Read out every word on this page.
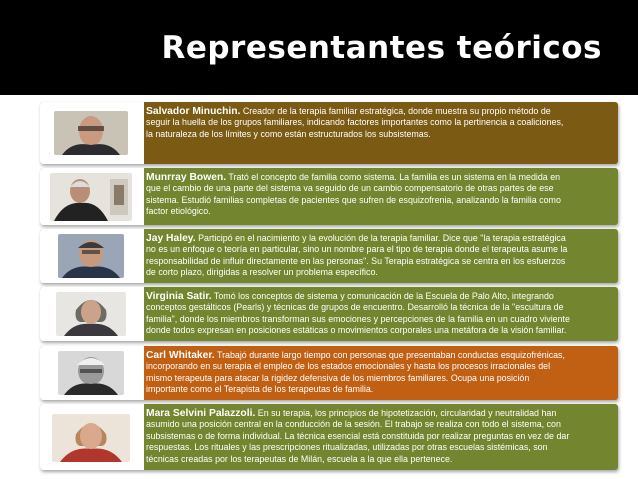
Representantes teóricos
Salvador Minuchin. Creador de la terapia familiar estratégica, donde muestra su propio método de
seguir la huella de los grupos familiares, indicando factores importantes como la pertinencia a coaliciones,
la naturaleza de los límites y como están estructurados los subsistemas.
Munrray Bowen. Trató el concepto de familia como sistema. La familia es un sistema en la medida en
que el cambio de una parte del sistema va seguido de un cambio compensatorio de otras partes de ese
sistema. Estudió familias completas de pacientes que sufren de esquizofrenia, analizando la familia como
factor etiológico.
Jay Haley. Participó en el nacimiento y la evolución de la terapia familiar. Dice que "la terapia estratégica
no es un enfoque o teoría en particular, sino un nombre para el tipo de terapia donde el terapeuta asume la
responsabilidad de influir directamente en las personas". Su Terapia estratégica se centra en los esfuerzos
de corto plazo, dirigidas a resolver un problema específico.
Virginia Satir. Tomó los conceptos de sistema y comunicación de la Escuela de Palo Alto, integrando
conceptos gestálticos (Pearls) y técnicas de grupos de encuentro. Desarrolló la técnica de la "escultura de
familia", donde los miembros transforman sus emociones y percepciones de la familia en un cuadro viviente
donde todos expresan en posiciones estáticas o movimientos corporales una metáfora de la visión familiar.
Carl Whitaker. Trabajó durante largo tiempo con personas que presentaban conductas esquizofrénicas,
incorporando en su terapia el empleo de los estados emocionales y hasta los procesos irracionales del
mismo terapeuta para atacar la rigidez defensiva de los miembros familiares. Ocupa una posición
importante como el Terapista de los terapeutas de familia.
Mara Selvini Palazzoli. En su terapia, los principios de hipotetización, circularidad y neutralidad han
asumido una posición central en la conducción de la sesión. El trabajo se realiza con todo el sistema, con
subsistemas o de forma individual. La técnica esencial está constituida por realizar preguntas en vez de dar
respuestas. Los rituales y las prescripciones ritualizadas, utilizadas por otras escuelas sistémicas, son
técnicas creadas por los terapeutas de Milán, escuela a la que ella pertenece.
